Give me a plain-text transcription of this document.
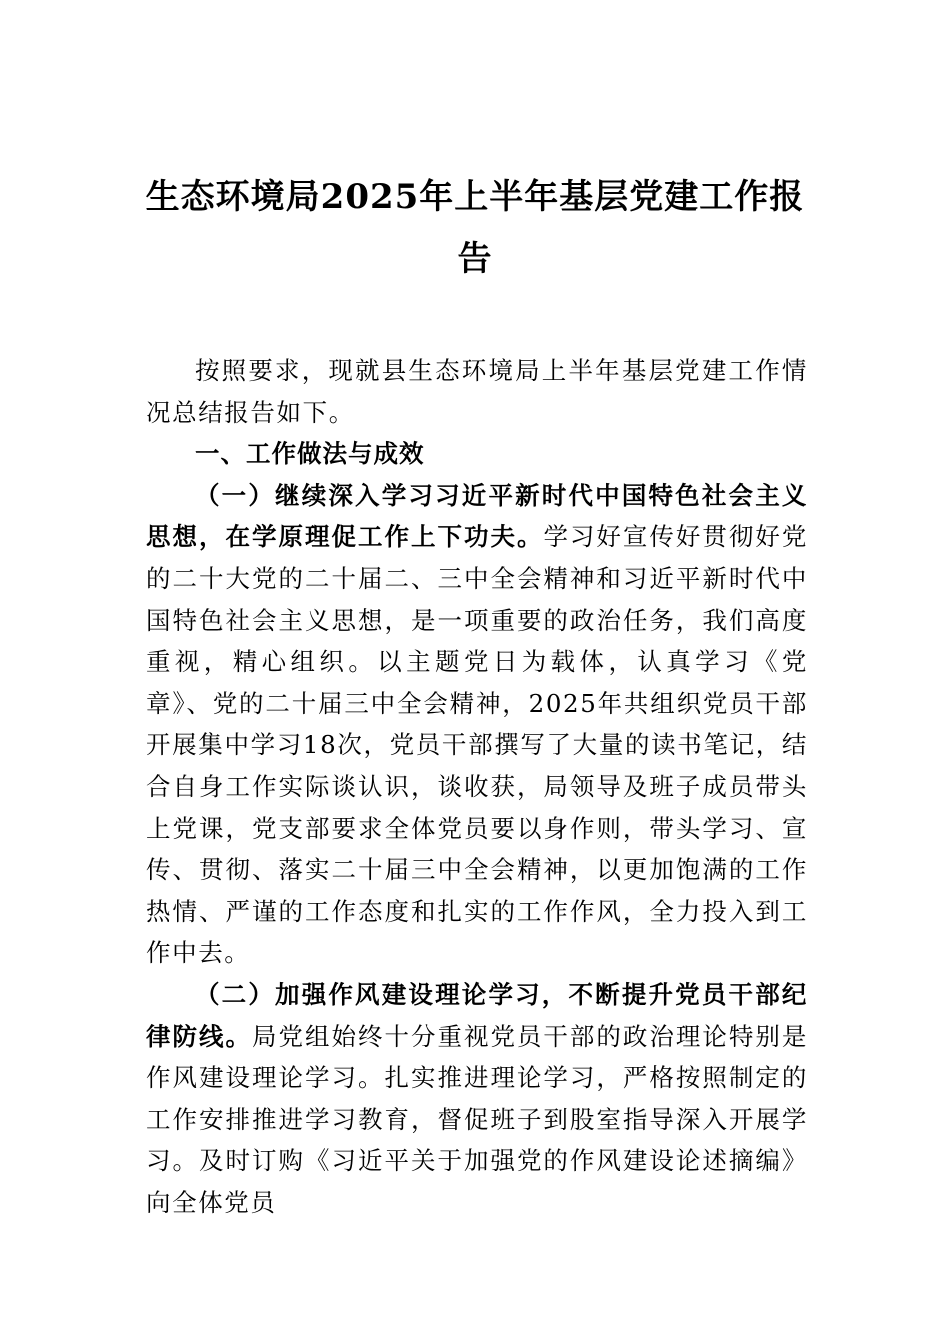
生态环境局2025年上半年基层党建工作报告

按照要求，现就县生态环境局上半年基层党建工作情况总结报告如下。

一、工作做法与成效

（一）继续深入学习习近平新时代中国特色社会主义思想，在学原理促工作上下功夫。学习好宣传好贯彻好党的二十大党的二十届二、三中全会精神和习近平新时代中国特色社会主义思想，是一项重要的政治任务，我们高度重视，精心组织。以主题党日为载体，认真学习《党章》、党的二十届三中全会精神，2025年共组织党员干部开展集中学习18次，党员干部撰写了大量的读书笔记，结合自身工作实际谈认识，谈收获，局领导及班子成员带头上党课，党支部要求全体党员要以身作则，带头学习、宣传、贯彻、落实二十届三中全会精神，以更加饱满的工作热情、严谨的工作态度和扎实的工作作风，全力投入到工作中去。

（二）加强作风建设理论学习，不断提升党员干部纪律防线。局党组始终十分重视党员干部的政治理论特别是作风建设理论学习。扎实推进理论学习，严格按照制定的工作安排推进学习教育，督促班子到股室指导深入开展学习。及时订购《习近平关于加强党的作风建设论述摘编》向全体党员
